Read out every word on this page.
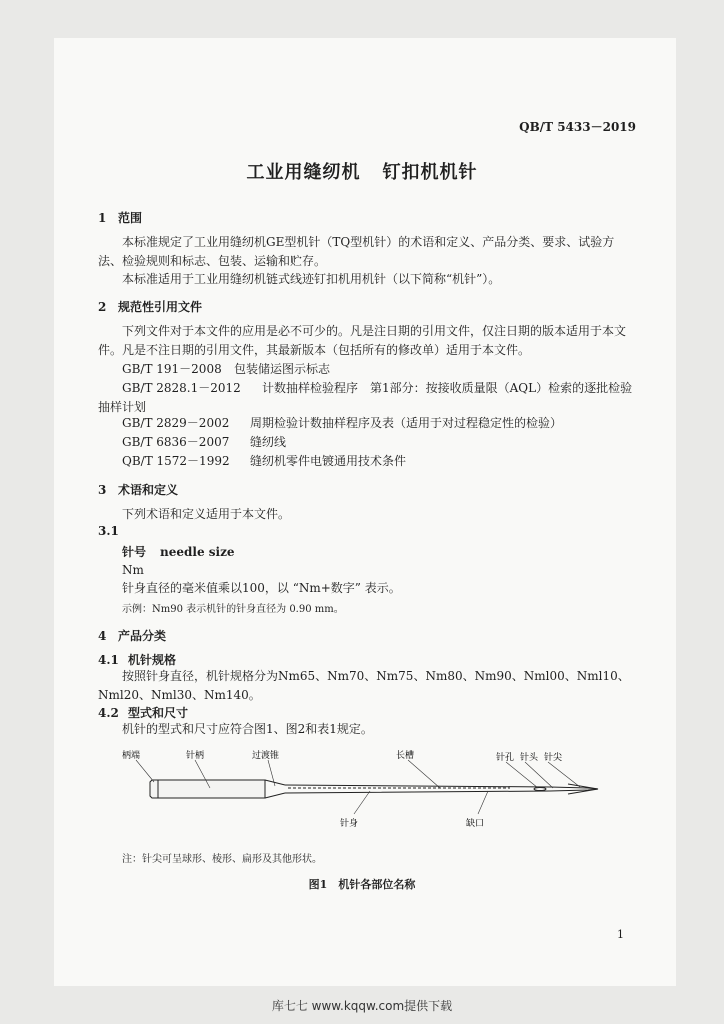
QB/T 5433－2019
工业用缝纫机 钉扣机机针
1 范围
本标准规定了工业用缝纫机GE型机针（TQ型机针）的术语和定义、产品分类、要求、试验方法、检验规则和标志、包装、运输和贮存。
本标准适用于工业用缝纫机链式线迹钉扣机用机针（以下简称“机针”）。
2 规范性引用文件
下列文件对于本文件的应用是必不可少的。凡是注日期的引用文件，仅注日期的版本适用于本文件。凡是不注日期的引用文件，其最新版本（包括所有的修改单）适用于本文件。
GB/T 191－2008 包装储运图示标志
GB/T 2828.1－2012 计数抽样检验程序　第1部分：按接收质量限（AQL）检索的逐批检验抽样计划
GB/T 2829－2002 周期检验计数抽样程序及表（适用于对过程稳定性的检验）
GB/T 6836－2007 缝纫线
QB/T 1572－1992 缝纫机零件电镀通用技术条件
3 术语和定义
下列术语和定义适用于本文件。
3.1
针号 needle size
Nm
针身直径的毫米值乘以100，以 “Nm+数字” 表示。
示例：Nm90 表示机针的针身直径为 0.90 mm。
4 产品分类
4.1 机针规格
按照针身直径，机针规格分为Nm65、Nm70、Nm75、Nm80、Nm90、Nml00、Nml10、Nml20、Nml30、Nm140。
4.2 型式和尺寸
机针的型式和尺寸应符合图1、图2和表1规定。
柄端	针柄	过渡锥	长槽	针孔 针头 针尖
针身	缺口
注：针尖可呈球形、棱形、扁形及其他形状。
图1　机针各部位名称
1
库七七 www.kqqw.com提供下载
